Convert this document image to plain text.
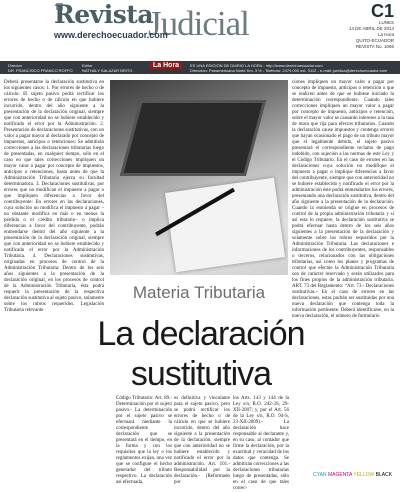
Revista
Judicial
www.derechoecuador.com
C1
LUNES
14 DE ABRIL DE 2014
La Hora
QUITO-ECUADOR
REVISTA No. 1066
Director
DR. FRANCISCO FRANCO ROFFO
Editor
NATHALY SALAZAR BRITO
La Hora	ES UNA EDICIÓN DE DIARIO LA HORA - http://www.derechoecuador.com
Dirección: Panamericana Norte Km. 3 ½ - Teléfono: 2479 000 ext. 3112 - e-mail: juridica@derechoecuador.com
Deberá presentarse la declaración sustitutiva en los siguientes casos: 1. Por errores de hecho o de cálculo: El sujeto pasivo podrá rectificar los errores de hecho o de cálculo en que hubiere incurrido, dentro del año siguiente a la presentación de la declaración original, siempre que con anterioridad no se hubiere establecido y notificado el error por la Administración. 2. Presentación de declaraciones sustitutivas, con un valor a pagar mayor al declarado por concepto de impuestos, anticipos o retenciones: Se admitirán correcciones a las declaraciones tributarias luego de presentadas, en cualquier tiempo, sólo en el caso en que tales correcciones impliquen un mayor valor a pagar por concepto de impuestos, anticipos o retenciones, hasta antes de que la Administración Tributaria ejerza su facultad determinadora. 3. Declaraciones sustitutivas, por errores que no modifican el impuesto a pagar o que impliquen diferencias a favor del contribuyente: En errores en las declaraciones, cuya solución no modifica el impuesto a pagar –no obstante modifica en más o en menos la pérdida o el crédito tributario– o implica diferencias a favor del contribuyente, podrán enmendarse dentro del año siguiente a la presentación de la declaración original, siempre que con anterioridad no se hubiere establecido y notificado el error por la Administración Tributaria. 4. Declaraciones sustitutivas, originadas en procesos de control de la Administración Tributaria: Dentro de los seis años siguientes a la presentación de la declaración original, en los procesos de control de la Administración Tributaria, ésta podrá requerir la presentación de la respectiva declaración sustitutiva al sujeto pasivo, solamente sobre los rubros requeridos. Legislación Tributaria relevante
ciones impliquen un mayor valor a pagar por concepto de impuesto, anticipos o retención o que se realicen antes de que se hubiese iniciado la determinación correspondiente. Cuando tales correcciones impliquen un mayor valor a pagar por concepto de impuesto, anticipos o retención, sobre el mayor valor se causarán intereses a la tasa de mora que rija para efectos tributarios. Cuando la declaración cause impuestos y contenga errores que hayan ocasionado el pago de un tributo mayor que el legalmente debido, el sujeto pasivo presentará el correspondiente reclamo de pago indebido, con sujeción a las normas de este Ley y el Código Tributario. En el caso de errores en las declaraciones cuya solución no modifique el impuesto a pagar o implique diferencias a favor del contribuyente, siempre que con anterioridad no se hubiere establecido y notificado el error por la administración éste podrá enmendarlos los errores, presentando una declaración sustitutiva, dentro del año siguiente a la presentación de la declaración. Cuando la enmienda se origine en procesos de control de la propia administración tributaria y si así esta lo requiere, la declaración sustitutiva se podrá efectuar hasta dentro de los seis años siguientes a la presentación de la declaración y solamente sobre los rubros requeridos por la Administración Tributaria. Las declaraciones e informaciones de los contribuyentes, responsables o terceros, relacionados con las obligaciones tributarias, así como los planes y programas de control que efectúe la Administración Tributaria son de carácter reservado y serán utilizados para los fines propios de la administración tributaria. ART. 73 del Reglamento: “Art. 73.- Declaraciones sustitutivas.- En el caso de errores en las declaraciones, estas podrán ser sustituidas por una nueva declaración que contenga toda la información pertinente. Deberá identificarse, en la nueva declaración, el número de formulario
Materia Tributaria
La declaración sustitutiva
Código Tributario: Art. 89.- Determinación por el sujeto pasivo.- La determinación por el sujeto pasivo se efectuará mediante la correspondiente declaración que se presentará en el tiempo, en la forma y con los requisitos que la ley o los reglamentos exijan, una vez que se configure el hecho generador del tributo respectivo. La declaración así efectuada,
es definitiva y vinculante para el sujeto pasivo, pero se podrá rectificar los errores de hecho o de cálculo en que se hubiere incurrido, dentro del año siguiente a la presentación de la declaración, siempre que con anterioridad no se hubiere establecido y notificado el error por la administración. Art. 101.- Responsabilidad por la declaración.- (Reformado por
los Arts. 143 y 144 de la Ley s/n, R.O. 242-3S, 29-XII-2007; y, por el Art. 56 de la Ley s/n, R.O. 94-S, 23-XII-2009).- La declaración hace responsable al declarante y, en su caso, al contador que firme la declaración, por la exactitud y veracidad de los datos que contenga. Se admitirán correcciones a las declaraciones tributarias luego de presentadas, sólo en el caso de que tales correc-
CYAN MAGENTA YELLOW BLACK
